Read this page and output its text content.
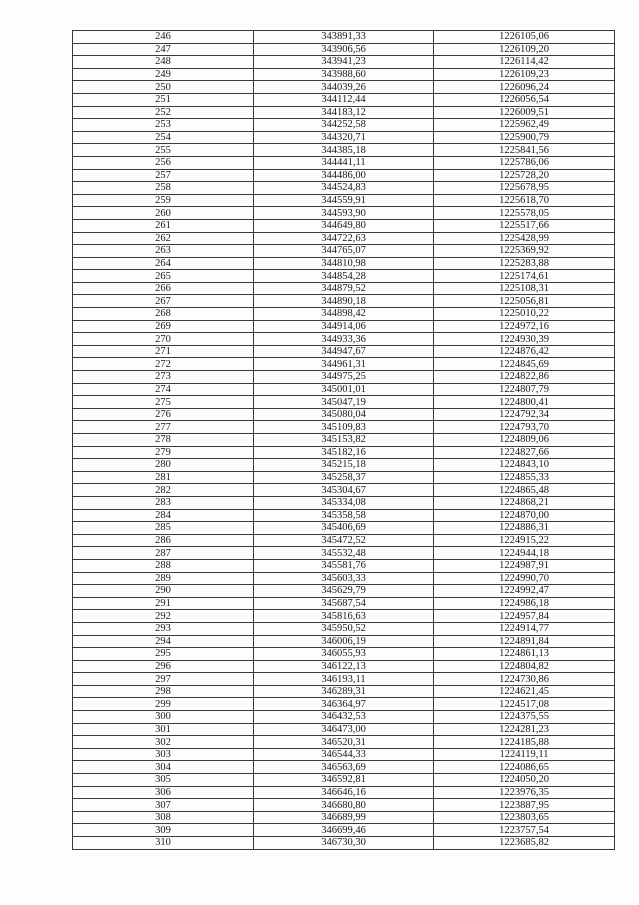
246	343891,33	1226105,06
247	343906,56	1226109,20
248	343941,23	1226114,42
249	343988,60	1226109,23
250	344039,26	1226096,24
251	344112,44	1226056,54
252	344183,12	1226009,51
253	344252,58	1225962,49
254	344320,71	1225900,79
255	344385,18	1225841,56
256	344441,11	1225786,06
257	344486,00	1225728,20
258	344524,83	1225678,95
259	344559,91	1225618,70
260	344593,90	1225578,05
261	344649,80	1225517,66
262	344722,63	1225428,99
263	344765,07	1225369,92
264	344810,98	1225283,88
265	344854,28	1225174,61
266	344879,52	1225108,31
267	344890,18	1225056,81
268	344898,42	1225010,22
269	344914,06	1224972,16
270	344933,36	1224930,39
271	344947,67	1224876,42
272	344961,31	1224845,69
273	344975,25	1224822,86
274	345001,01	1224807,79
275	345047,19	1224800,41
276	345080,04	1224792,34
277	345109,83	1224793,70
278	345153,82	1224809,06
279	345182,16	1224827,66
280	345215,18	1224843,10
281	345258,37	1224855,33
282	345304,67	1224865,48
283	345334,08	1224868,21
284	345358,58	1224870,00
285	345406,69	1224886,31
286	345472,52	1224915,22
287	345532,48	1224944,18
288	345581,76	1224987,91
289	345603,33	1224990,70
290	345629,79	1224992,47
291	345687,54	1224986,18
292	345816,63	1224957,84
293	345950,52	1224914,77
294	346006,19	1224891,84
295	346055,93	1224861,13
296	346122,13	1224804,82
297	346193,11	1224730,86
298	346289,31	1224621,45
299	346364,97	1224517,08
300	346432,53	1224375,55
301	346473,00	1224281,23
302	346520,31	1224185,88
303	346544,33	1224119,11
304	346563,69	1224086,65
305	346592,81	1224050,20
306	346646,16	1223976,35
307	346680,80	1223887,95
308	346689,99	1223803,65
309	346699,46	1223757,54
310	346730,30	1223685,82
